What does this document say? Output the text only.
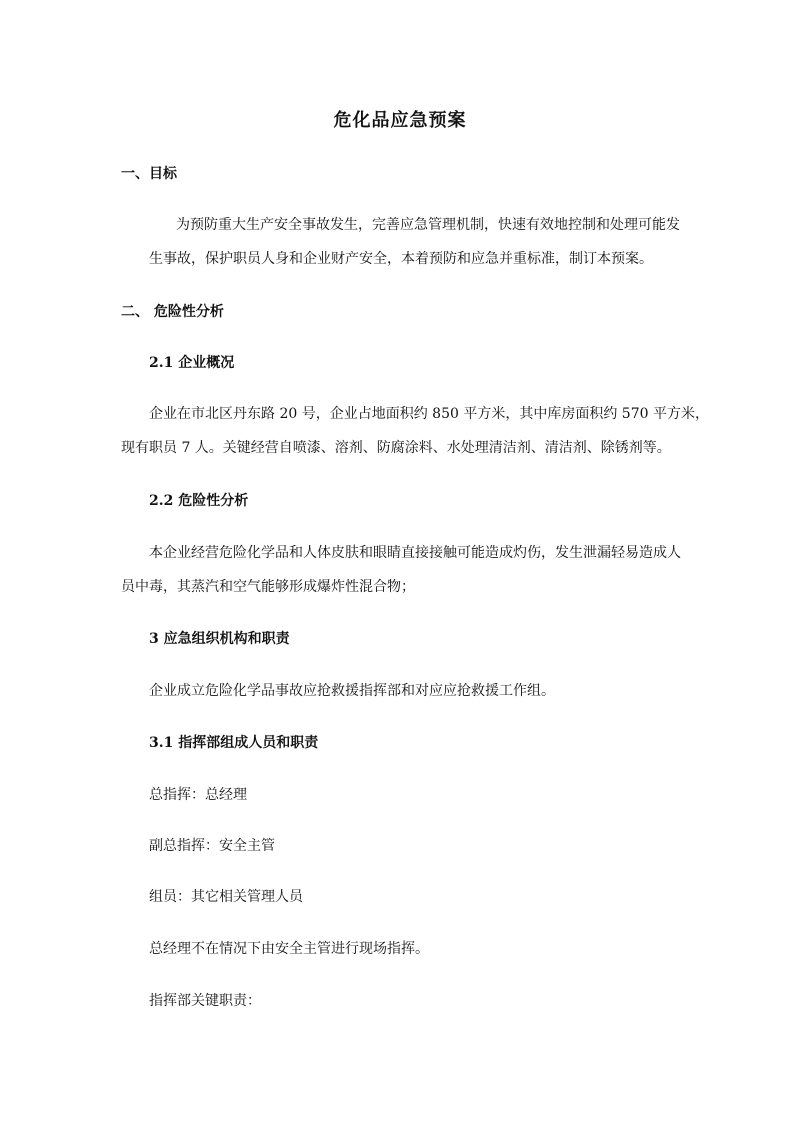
危化品应急预案
一、目标
为预防重大生产安全事故发生，完善应急管理机制，快速有效地控制和处理可能发
生事故，保护职员人身和企业财产安全，本着预防和应急并重标准，制订本预案。
二、 危险性分析
2.1 企业概况
企业在市北区丹东路 20 号，企业占地面积约 850 平方米，其中库房面积约 570 平方米，
现有职员 7 人。关键经营自喷漆、溶剂、防腐涂料、水处理清洁剂、清洁剂、除锈剂等。
2.2 危险性分析
本企业经营危险化学品和人体皮肤和眼睛直接接触可能造成灼伤，发生泄漏轻易造成人
员中毒，其蒸汽和空气能够形成爆炸性混合物；
3 应急组织机构和职责
企业成立危险化学品事故应抢救援指挥部和对应应抢救援工作组。
3.1 指挥部组成人员和职责
总指挥：总经理
副总指挥：安全主管
组员：其它相关管理人员
总经理不在情况下由安全主管进行现场指挥。
指挥部关键职责：
